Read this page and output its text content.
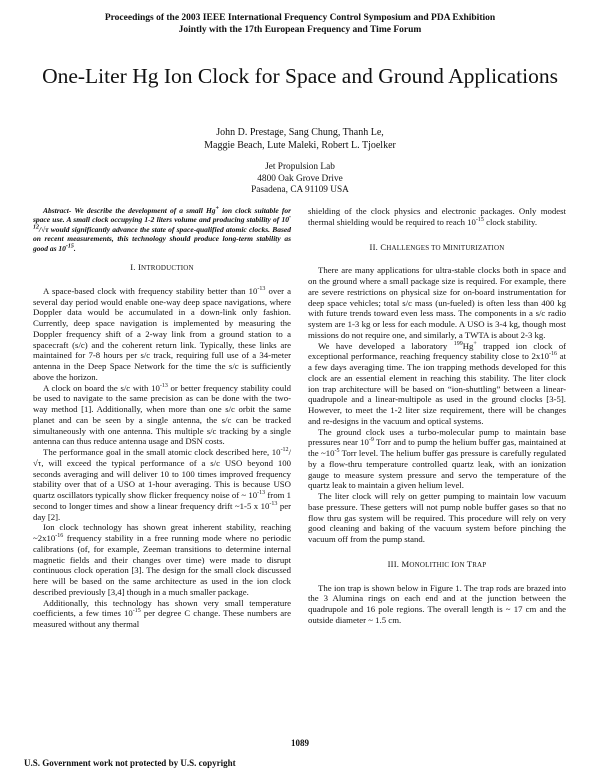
Proceedings of the 2003 IEEE International Frequency Control Symposium and PDA Exhibition
Jointly with the 17th European Frequency and Time Forum
One-Liter Hg Ion Clock for Space and Ground Applications
John D. Prestage, Sang Chung, Thanh Le,
Maggie Beach, Lute Maleki, Robert L. Tjoelker
Jet Propulsion Lab
4800 Oak Grove Drive
Pasadena, CA 91109 USA

Abstract- We describe the development of a small Hg+ ion clock suitable for space use. A small clock occupying 1-2 liters volume and producing stability of $10^{-12}/√\tau$ would significantly advance the state of space-qualified atomic clocks. Based on recent measurements, this technology should produce long-term stability as good as $10^{-15}$.

I. INTRODUCTION

A space-based clock with frequency stability better than $10^{-13}$ over a several day period would enable one-way deep space navigations, where Doppler data would be accumulated in a down-link only fashion. Currently, deep space navigation is implemented by measuring the Doppler frequency shift of a 2-way link from a ground station to a spacecraft (s/c) and the coherent return link. Typically, these links are maintained for 7-8 hours per s/c track, requiring full use of a 34-meter antenna in the Deep Space Network for the time the s/c is sufficiently above the horizon.

A clock on board the s/c with $10^{-13}$ or better frequency stability could be used to navigate to the same precision as can be done with the two-way method [1]. Additionally, when more than one s/c orbit the same planet and can be seen by a single antenna, the s/c can be tracked simultaneously with one antenna. This multiple s/c tracking by a single antenna can thus reduce antenna usage and DSN costs.

The performance goal in the small atomic clock described here, $10^{-12}/√\tau$, will exceed the typical performance of a s/c USO beyond 100 seconds averaging and will deliver 10 to 100 times improved frequency stability over that of a USO at 1-hour averaging. This is because USO quartz oscillators typically show flicker frequency noise of ~ $10^{-13}$ from 1 second to longer times and show a linear frequency drift ~1-5 x $10^{-13}$ per day [2].

Ion clock technology has shown great inherent stability, reaching $\sim 2x10^{-16}$ frequency stability in a free running mode where no periodic calibrations (of, for example, Zeeman transitions to determine internal magnetic fields and their changes over time) were made to disrupt continuous clock operation [3]. The design for the small clock discussed here will be based on the same architecture as used in the ion clock described previously [3,4] though in a much smaller package.

Additionally, this technology has shown very small temperature coefficients, a few times $10^{-15}$ per degree C change. These numbers are measured without any thermal

shielding of the clock physics and electronic packages. Only modest thermal shielding would be required to reach $10^{-15}$ clock stability.

II. CHALLENGES TO MINITURIZATION

There are many applications for ultra-stable clocks both in space and on the ground where a small package size is required. For example, there are severe restrictions on physical size for on-board instrumentation for deep space vehicles; total s/c mass (un-fueled) is often less than 400 kg with future trends toward even less mass. The components in a s/c radio system are 1-3 kg or less for each module. A USO is 3-4 kg, though most missions do not require one, and similarly, a TWTA is about 2-3 kg.

We have developed a laboratory $^{199}$Hg+ trapped ion clock of exceptional performance, reaching frequency stability close to $2x10^{-16}$ at a few days averaging time. The ion trapping methods developed for this clock are an essential element in reaching this stability. The liter clock ion trap architecture will be based on “ion-shuttling” between a linear-quadrupole and a linear-multipole as used in the ground clocks [3-5]. However, to meet the 1-2 liter size requirement, there will be changes and re-designs in the vacuum and optical systems.

The ground clock uses a turbo-molecular pump to maintain base pressures near $10^{-9}$ Torr and to pump the helium buffer gas, maintained at the $\sim 10^{-5}$ Torr level. The helium buffer gas pressure is carefully regulated by a flow-thru temperature controlled quartz leak, with an ionization gauge to measure system pressure and servo the temperature of the quartz leak to maintain a given helium level.

The liter clock will rely on getter pumping to maintain low vacuum base pressure. These getters will not pump noble buffer gases so that no flow thru gas system will be required. This procedure will rely on very good cleaning and baking of the vacuum system before pinching the vacuum off from the pump stand.

III. MONOLITHIC ION TRAP

The ion trap is shown below in Figure 1. The trap rods are brazed into the 3 Alumina rings on each end and at the junction between the quadrupole and 16 pole regions. The overall length is ~ 17 cm and the outside diameter ~ 1.5 cm.

1089
U.S. Government work not protected by U.S. copyright
